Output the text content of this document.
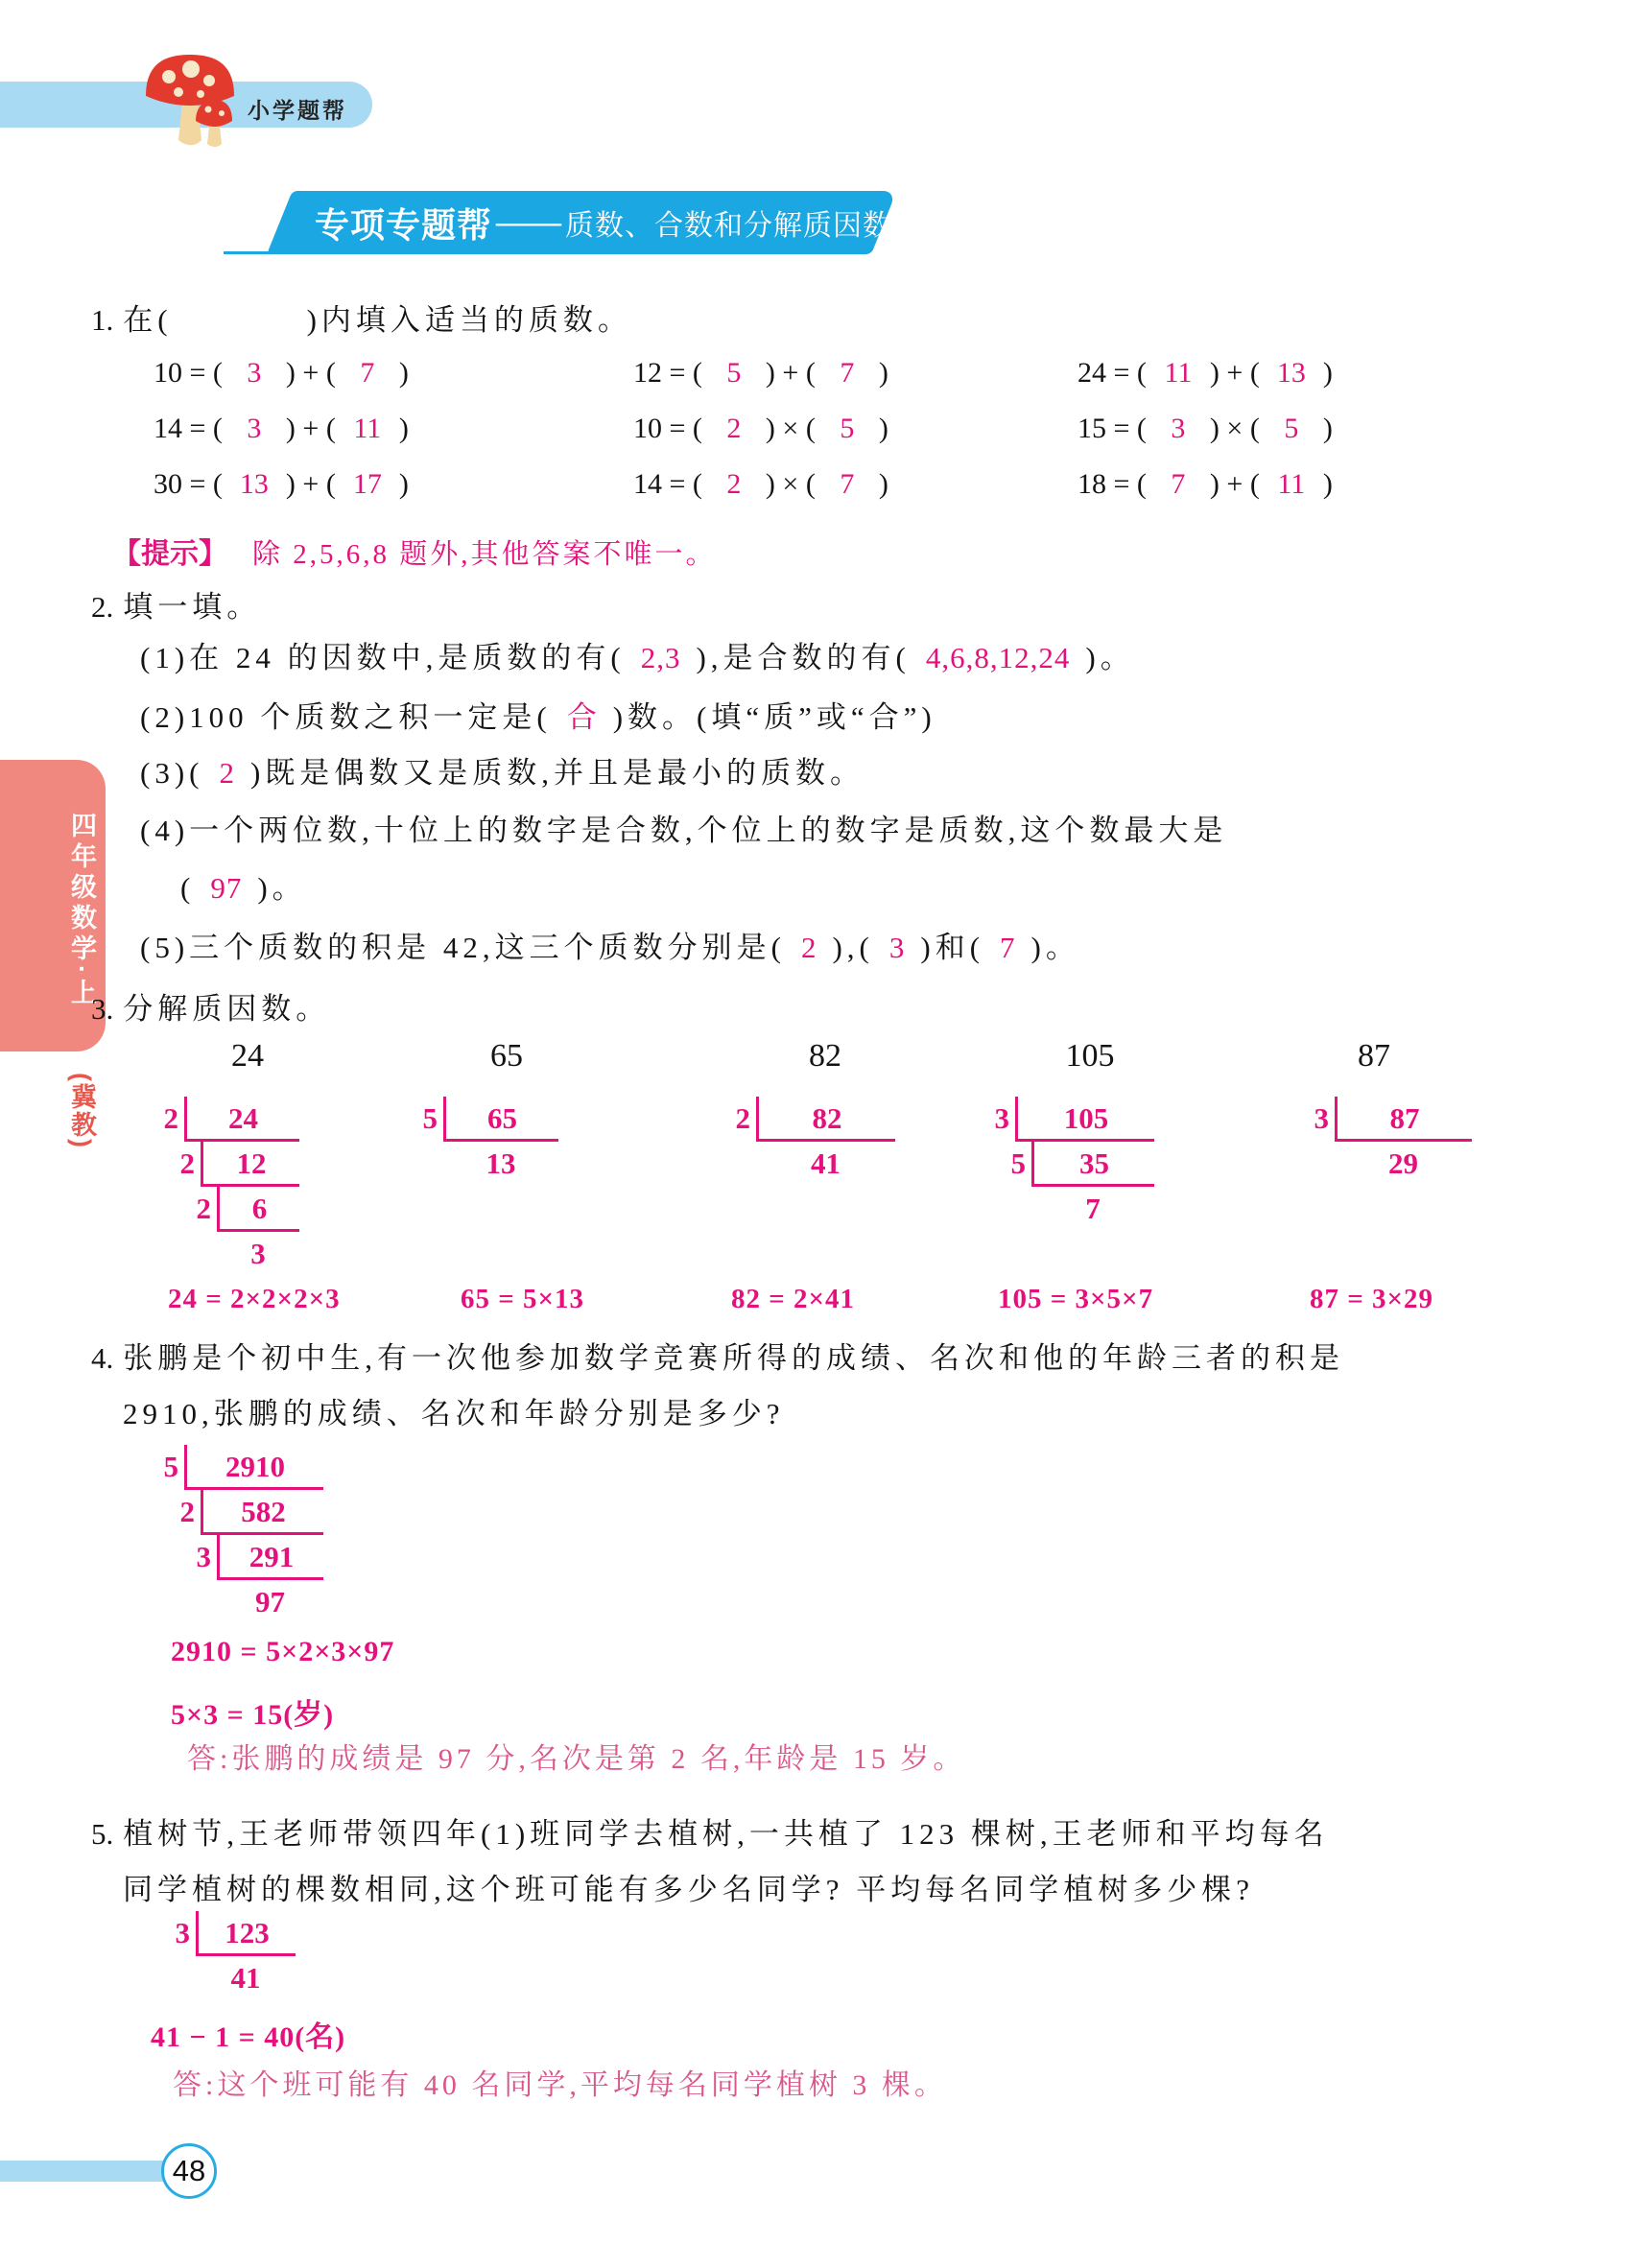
小学题帮
专项专题帮 —— 质数、合数和分解质因数
四年级数学·上
(冀教)
1. 在(	)内填入适当的质数。
10 = ( 3 ) + ( 7 )	12 = ( 5 ) + ( 7 )	24 = ( 11 ) + ( 13 )
14 = ( 3 ) + ( 11 )	10 = ( 2 ) × ( 5 )	15 = ( 3 ) × ( 5 )
30 = ( 13 ) + ( 17 )	14 = ( 2 ) × ( 7 )	18 = ( 7 ) + ( 11 )
【提示】 除 2,5,6,8 题外,其他答案不唯一。
2. 填一填。
(1)在 24 的因数中,是质数的有( 2,3 ),是合数的有( 4,6,8,12,24 )。
(2)100 个质数之积一定是( 合 )数。(填“质”或“合”)
(3)( 2 )既是偶数又是质数,并且是最小的质数。
(4)一个两位数,十位上的数字是合数,个位上的数字是质数,这个数最大是
( 97 )。
(5)三个质数的积是 42,这三个质数分别是( 2 ),( 3 )和( 7 )。
3. 分解质因数。
24	65	82	105	87
2	24
2	12
2	6
3
5	65
13
2	82
41
3	105
5	35
7
3	87
29
24 = 2×2×2×3	65 = 5×13	82 = 2×41	105 = 3×5×7	87 = 3×29
4. 张鹏是个初中生,有一次他参加数学竞赛所得的成绩、名次和他的年龄三者的积是
2910,张鹏的成绩、名次和年龄分别是多少?
5	2910
2	582
3	291
97
2910 = 5×2×3×97
5×3 = 15(岁)
答:张鹏的成绩是 97 分,名次是第 2 名,年龄是 15 岁。
5. 植树节,王老师带领四年(1)班同学去植树,一共植了 123 棵树,王老师和平均每名
同学植树的棵数相同,这个班可能有多少名同学? 平均每名同学植树多少棵?
3	123
41
41 − 1 = 40(名)
答:这个班可能有 40 名同学,平均每名同学植树 3 棵。
48
